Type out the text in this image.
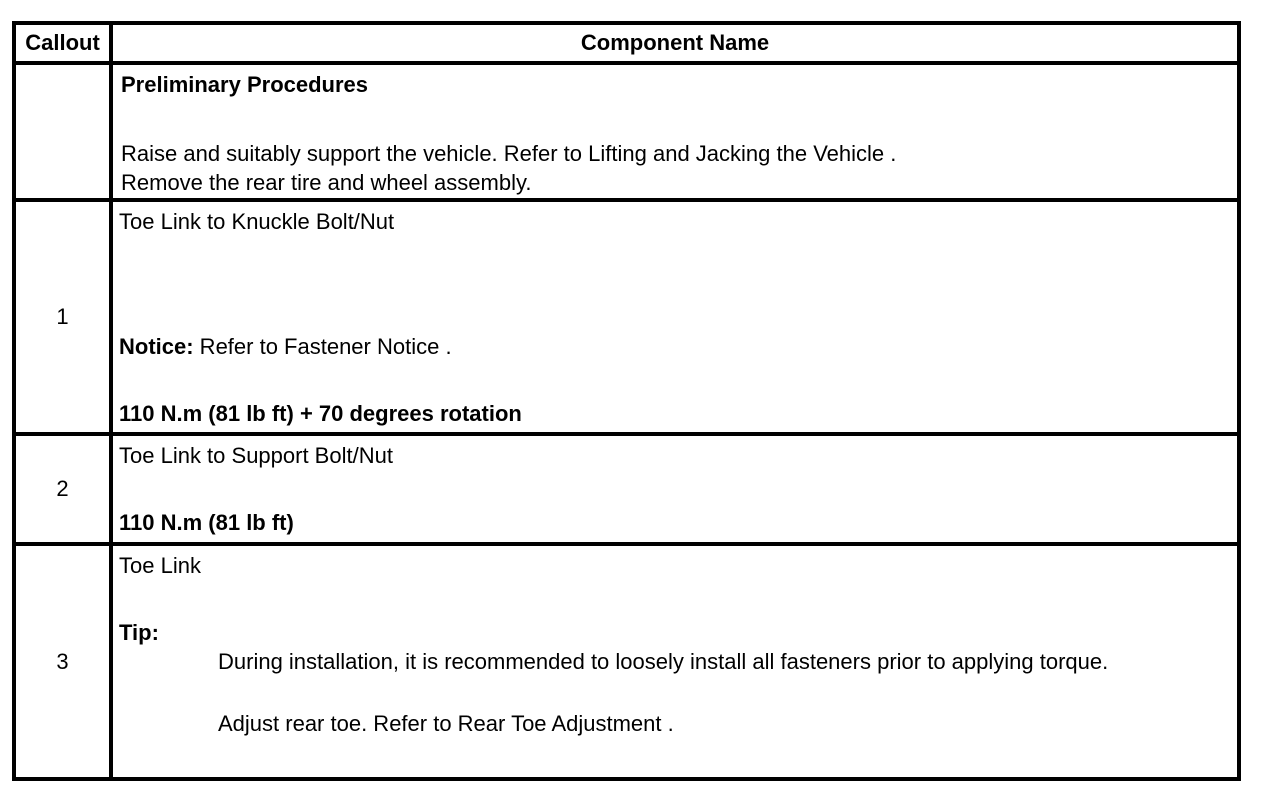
Callout	Component Name

	Preliminary Procedures
Raise and suitably support the vehicle. Refer to Lifting and Jacking the Vehicle .
Remove the rear tire and wheel assembly.

1	Toe Link to Knuckle Bolt/Nut
Notice: Refer to Fastener Notice .
110 N.m (81 lb ft) + 70 degrees rotation

2	Toe Link to Support Bolt/Nut
110 N.m (81 lb ft)

3	Toe Link
Tip:
During installation, it is recommended to loosely install all fasteners prior to applying torque.
Adjust rear toe. Refer to Rear Toe Adjustment .
